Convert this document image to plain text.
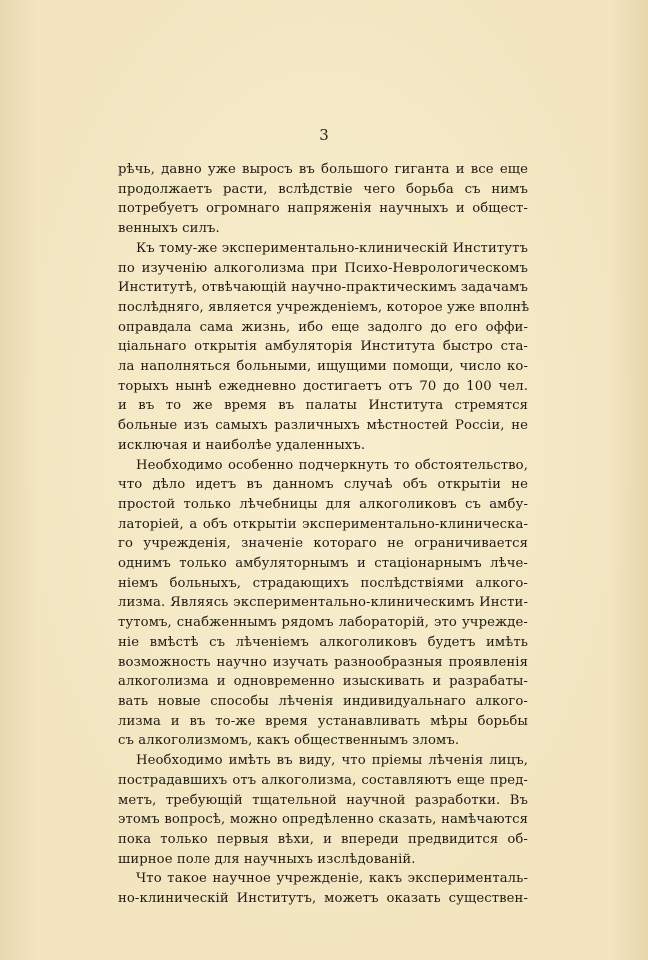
3
рѣчь, давно уже выросъ въ большого гиганта и все еще
продолжаетъ расти, вслѣдствіе чего борьба съ нимъ
потребуетъ огромнаго напряженія научныхъ и общест-
венныхъ силъ.
Къ тому-же экспериментально-клиническій Институтъ
по изученію алкоголизма при Психо-Неврологическомъ
Институтѣ, отвѣчающій научно-практическимъ задачамъ
послѣдняго, является учрежденіемъ, которое уже вполнѣ
оправдала сама жизнь, ибо еще задолго до его оффи-
ціальнаго открытія амбуляторія Института быстро ста-
ла наполняться больными, ищущими помощи, число ко-
торыхъ нынѣ ежедневно достигаетъ отъ 70 до 100 чел.
и въ то же время въ палаты Института стремятся
больные изъ самыхъ различныхъ мѣстностей Россіи, не
исключая и наиболѣе удаленныхъ.
Необходимо особенно подчеркнуть то обстоятельство,
что дѣло идетъ въ данномъ случаѣ объ открытіи не
простой только лѣчебницы для алкоголиковъ съ амбу-
латоріей, а объ открытіи экспериментально-клиническа-
го учрежденія, значеніе котораго не ограничивается
однимъ только амбуляторнымъ и стаціонарнымъ лѣче-
ніемъ больныхъ, страдающихъ послѣдствіями алкого-
лизма. Являясь экспериментально-клиническимъ Инсти-
тутомъ, снабженнымъ рядомъ лабораторій, это учрежде-
ніе вмѣстѣ съ лѣченіемъ алкоголиковъ будетъ имѣть
возможность научно изучать разнообразныя проявленія
алкоголизма и одновременно изыскивать и разрабаты-
вать новые способы лѣченія индивидуальнаго алкого-
лизма и въ то-же время устанавливать мѣры борьбы
съ алкоголизмомъ, какъ общественнымъ зломъ.
Необходимо имѣть въ виду, что пріемы лѣченія лицъ,
пострадавшихъ отъ алкоголизма, составляютъ еще пред-
метъ, требующій тщательной научной разработки. Въ
этомъ вопросѣ, можно опредѣленно сказать, намѣчаются
пока только первыя вѣхи, и впереди предвидится об-
ширное поле для научныхъ изслѣдованій.
Что такое научное учрежденіе, какъ эксперименталь-
но-клиническій Институтъ, можетъ оказать существен-
